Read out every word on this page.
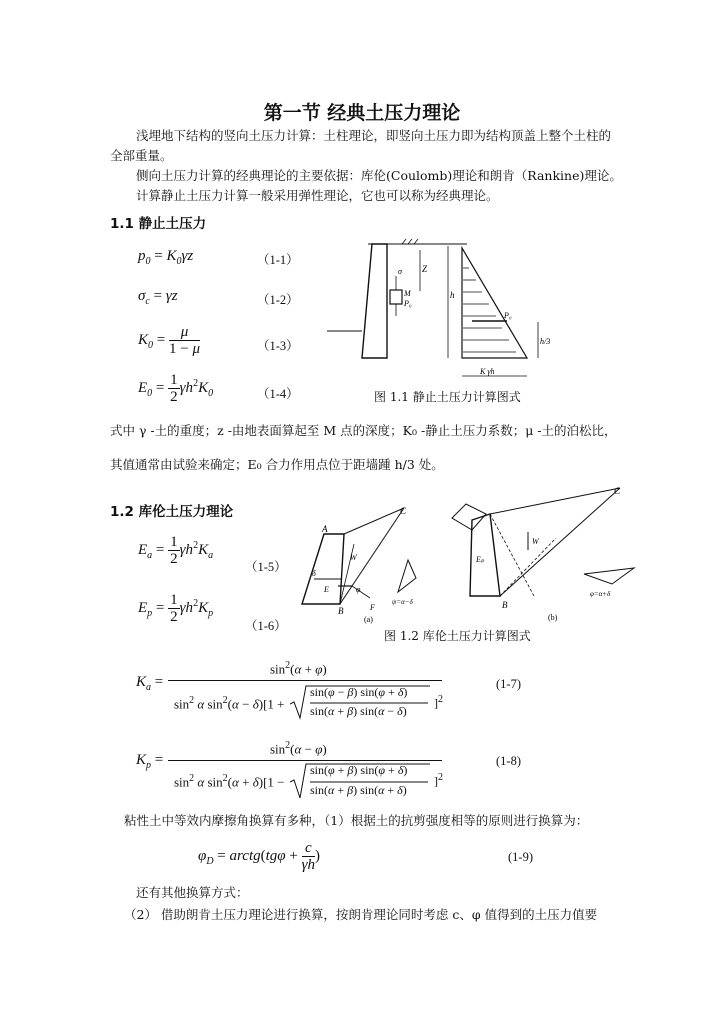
第一节 经典土压力理论
浅埋地下结构的竖向土压力计算：土柱理论，即竖向土压力即为结构顶盖上整个土柱的
全部重量。
侧向土压力计算的经典理论的主要依据：库伦(Coulomb)理论和朗肯（Rankine)理论。
计算静止土压力计算一般采用弹性理论，它也可以称为经典理论。
1.1 静止土压力
$p_0 = K_0\gamma z$	（1-1）
$\sigma_c = \gamma z$	（1-2）
$K_0 = \frac{\mu}{1 - \mu}$	（1-3）
$E_0 = \frac{1}{2} \gamma h^2K_0$	（1-4）
Z
M
P₀
σ
h
P₀
K γh
h/3
图 1.1 静止土压力计算图式
式中 γ -土的重度；z -由地表面算起至 M 点的深度；K₀ -静止土压力系数；μ -土的泊松比，
其值通常由试验来确定；E₀ 合力作用点位于距墙踵 h/3 处。
1.2 库伦土压力理论
$E_a = \frac{1}{2} \gamma h^2K_a$
（1-5）
$E_p = \frac{1}{2} \gamma h^2K_p$
（1-6）
C
A
W
B	F
E
δ
φ
ψ=α−δ
(a)
C
W
B
Eₚ
φ=α+δ
(b)
图 1.2 库伦土压力计算图式
$K_a$ =
$\sin^2(\alpha + \varphi)$
$\sin^2 \alpha$ $\sin^2(\alpha - \delta)[1$ +
sin(φ − β) sin(φ + δ)
sin(α + β) sin(α − δ)
]$^2$
(1-7)
$K_p$ =
$\sin^2(\alpha - \varphi)$
$\sin^2 \alpha$ $\sin^2(\alpha + \delta)[1$ −
sin(φ + β) sin(φ + δ)
sin(α + β) sin(α + δ)
]$^2$
(1-8)
粘性土中等效内摩擦角换算有多种，（1）根据土的抗剪强度相等的原则进行换算为：
$\varphi_D$ = arctg(tgφ + $\frac{c}{\gamma h}$ )	(1-9)
还有其他换算方式：
（2） 借助朗肯土压力理论进行换算，按朗肯理论同时考虑 c、φ 值得到的土压力值要
